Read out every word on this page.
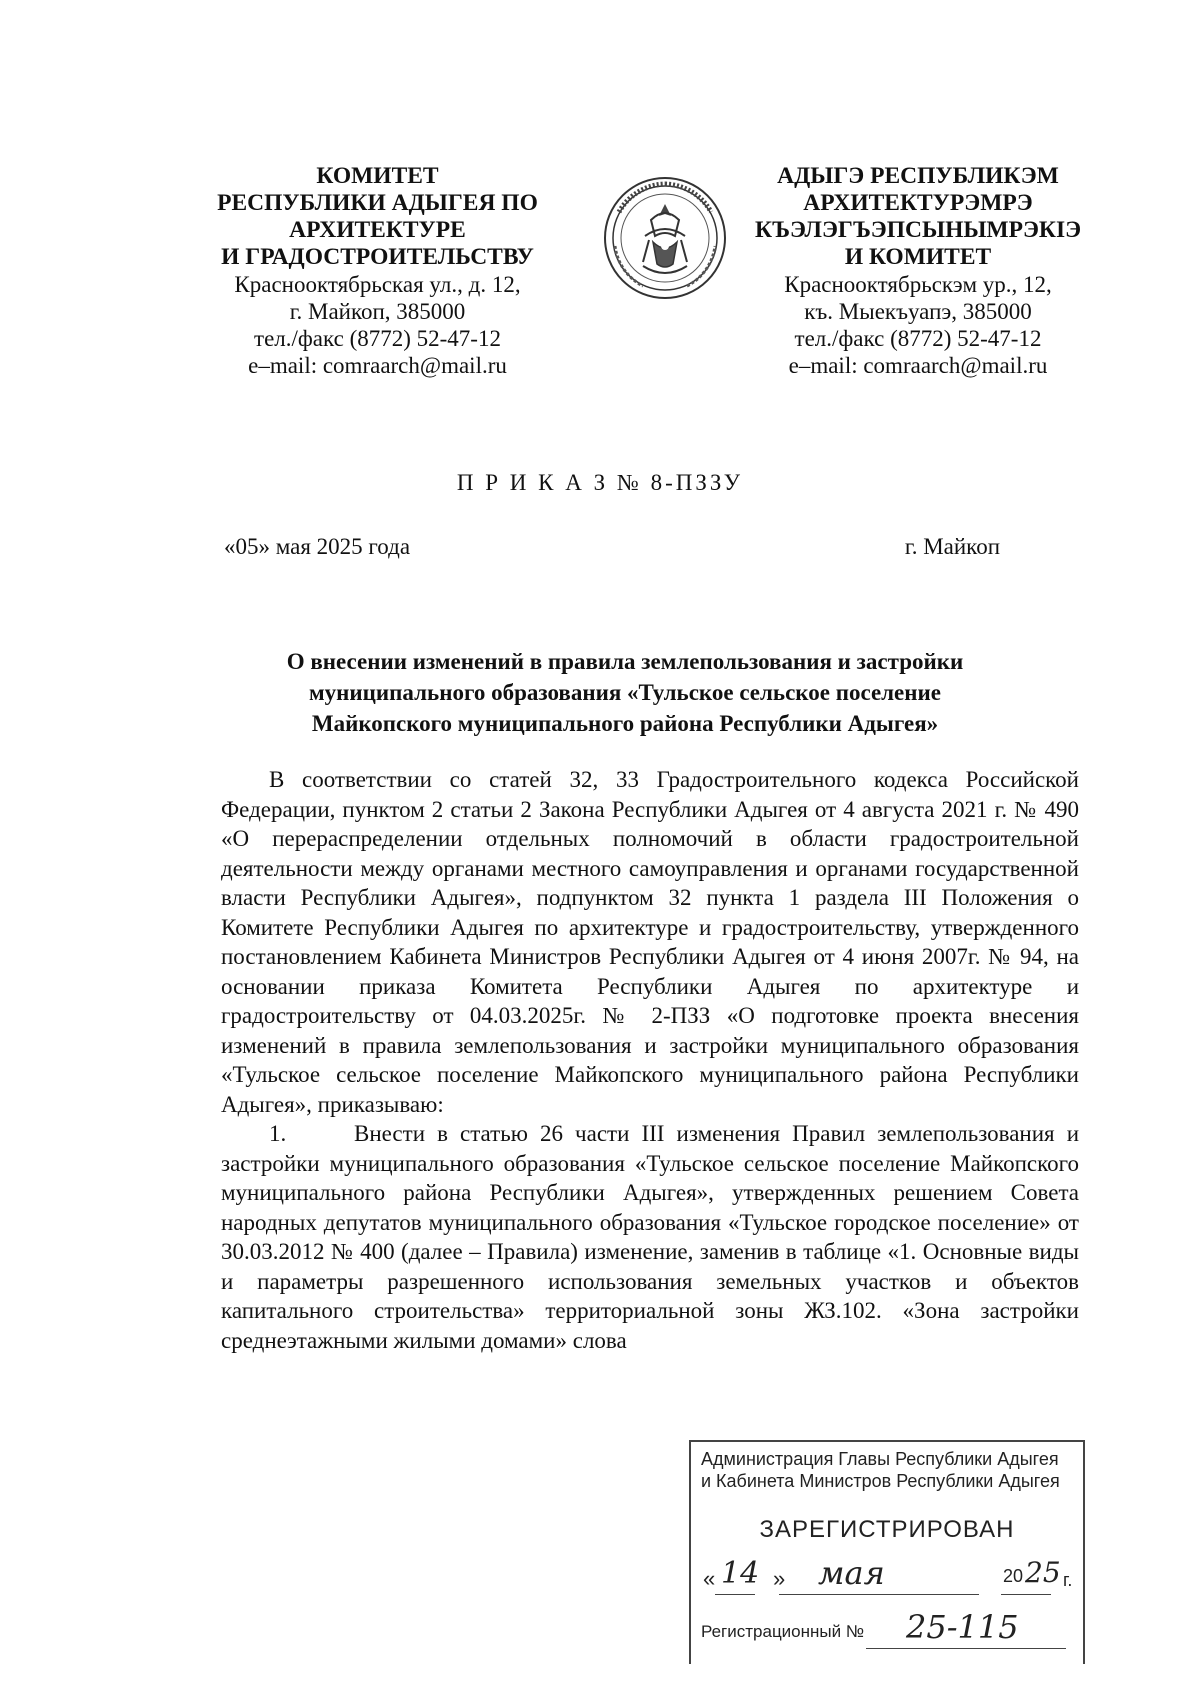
КОМИТЕТ
РЕСПУБЛИКИ АДЫГЕЯ ПО
АРХИТЕКТУРЕ
И ГРАДОСТРОИТЕЛЬСТВУ
Краснооктябрьская ул., д. 12,
г. Майкоп, 385000
тел./факс (8772) 52-47-12
e–mail: comraarch@mail.ru
АДЫГЭ РЕСПУБЛИКЭМ
АРХИТЕКТУРЭМРЭ
КЪЭЛЭГЪЭПСЫНЫМРЭКIЭ
И КОМИТЕТ
Краснооктябрьскэм ур., 12,
къ. Мыекъуапэ, 385000
тел./факс (8772) 52-47-12
e–mail: comraarch@mail.ru
П Р И К А З № 8-ПЗЗУ
«05» мая 2025 года	г. Майкоп
О внесении изменений в правила землепользования и застройки
муниципального образования «Тульское сельское поселение
Майкопского муниципального района Республики Адыгея»

В соответствии со статей 32, 33 Градостроительного кодекса Российской Федерации, пунктом 2 статьи 2 Закона Республики Адыгея от 4 августа 2021 г. № 490 «О перераспределении отдельных полномочий в области градостроительной деятельности между органами местного самоуправления и органами государственной власти Республики Адыгея», подпунктом 32 пункта 1 раздела III Положения о Комитете Республики Адыгея по архитектуре и градостроительству, утвержденного постановлением Кабинета Министров Республики Адыгея от 4 июня 2007г. № 94, на основании приказа Комитета Республики Адыгея по архитектуре и градостроительству от 04.03.2025г. № 2-ПЗЗ «О подготовке проекта внесения изменений в правила землепользования и застройки муниципального образования «Тульское сельское поселение Майкопского муниципального района Республики Адыгея», приказываю:

1.	Внести в статью 26 части III изменения Правил землепользования и застройки муниципального образования «Тульское сельское поселение Майкопского муниципального района Республики Адыгея», утвержденных решением Совета народных депутатов муниципального образования «Тульское городское поселение» от 30.03.2012 № 400 (далее – Правила) изменение, заменив в таблице «1. Основные виды и параметры разрешенного использования земельных участков и объектов капитального строительства» территориальной зоны ЖЗ.102. «Зона застройки среднеэтажными жилыми домами» слова

Администрация Главы Республики Адыгея
и Кабинета Министров Республики Адыгея
ЗАРЕГИСТРИРОВАН
« 14 » мая	20 25 г.
Регистрационный № 25-115
